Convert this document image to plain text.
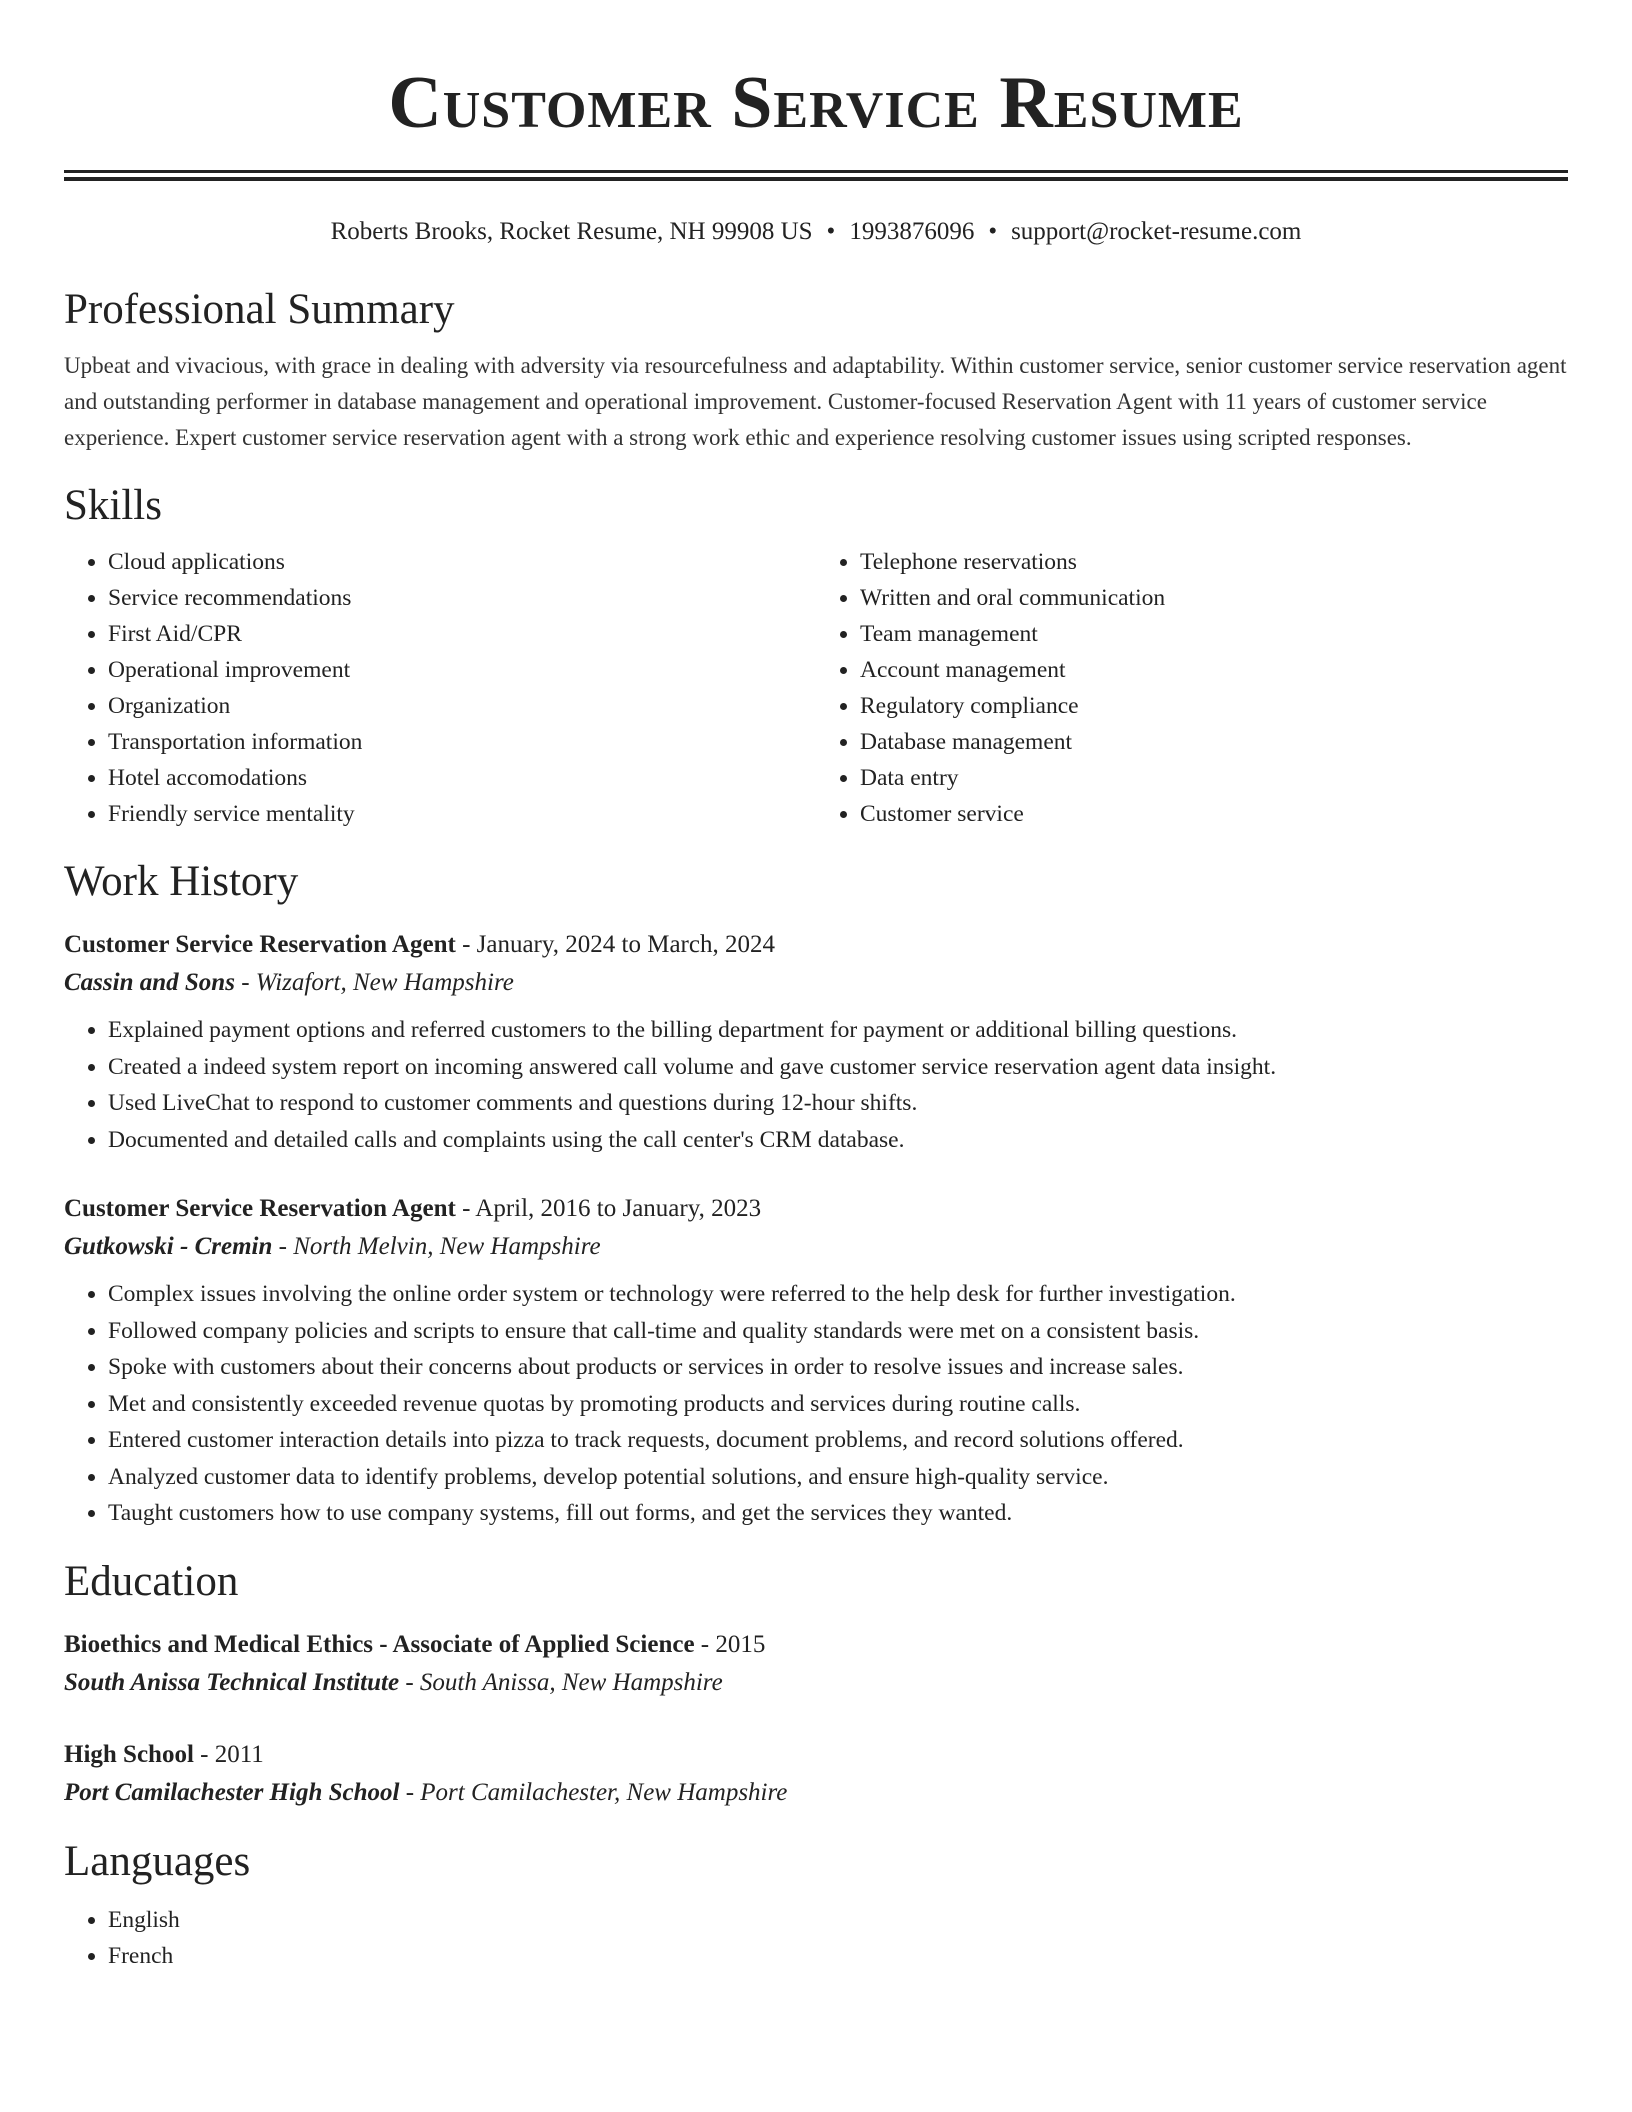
Customer Service Resume
Roberts Brooks, Rocket Resume, NH 99908 US • 1993876096 • support@rocket-resume.com
Professional Summary

Upbeat and vivacious, with grace in dealing with adversity via resourcefulness and adaptability. Within customer service, senior customer service reservation agent and outstanding performer in database management and operational improvement. Customer-focused Reservation Agent with 11 years of customer service experience. Expert customer service reservation agent with a strong work ethic and experience resolving customer issues using scripted responses.

Skills
• Cloud applications
• Service recommendations
• First Aid/CPR
• Operational improvement
• Organization
• Transportation information
• Hotel accomodations
• Friendly service mentality
• Telephone reservations
• Written and oral communication
• Team management
• Account management
• Regulatory compliance
• Database management
• Data entry
• Customer service
Work History
Customer Service Reservation Agent - January, 2024 to March, 2024
Cassin and Sons - Wizafort, New Hampshire
• Explained payment options and referred customers to the billing department for payment or additional billing questions.
• Created a indeed system report on incoming answered call volume and gave customer service reservation agent data insight.
• Used LiveChat to respond to customer comments and questions during 12-hour shifts.
• Documented and detailed calls and complaints using the call center's CRM database.
Customer Service Reservation Agent - April, 2016 to January, 2023
Gutkowski - Cremin - North Melvin, New Hampshire
• Complex issues involving the online order system or technology were referred to the help desk for further investigation.
• Followed company policies and scripts to ensure that call-time and quality standards were met on a consistent basis.
• Spoke with customers about their concerns about products or services in order to resolve issues and increase sales.
• Met and consistently exceeded revenue quotas by promoting products and services during routine calls.
• Entered customer interaction details into pizza to track requests, document problems, and record solutions offered.
• Analyzed customer data to identify problems, develop potential solutions, and ensure high-quality service.
• Taught customers how to use company systems, fill out forms, and get the services they wanted.
Education
Bioethics and Medical Ethics - Associate of Applied Science - 2015
South Anissa Technical Institute - South Anissa, New Hampshire
High School - 2011
Port Camilachester High School - Port Camilachester, New Hampshire
Languages
• English
• French
